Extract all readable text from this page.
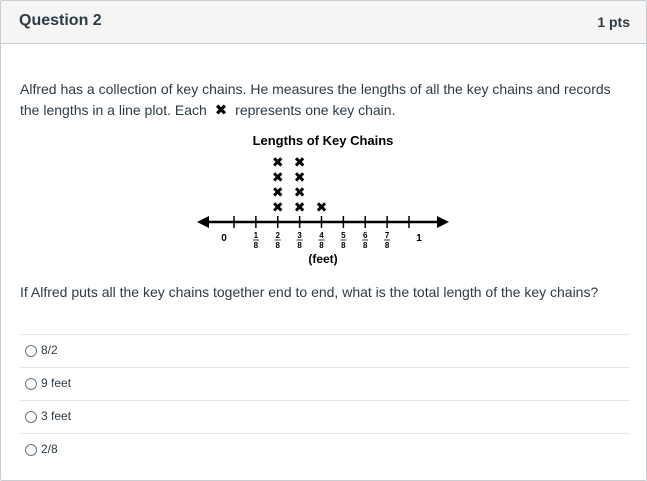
Question 2	1 pts
Alfred has a collection of key chains. He measures the lengths of all the key chains and records the lengths in a line plot. Each ✖ represents one key chain.
Lengths of Key Chains
0	1
8
2
8
3
8
4
8
5
8
6
8
7
8
1
✖
✖
✖
✖
✖
✖
✖
✖
✖
(feet)
If Alfred puts all the key chains together end to end, what is the total length of the key chains?
8/2
9 feet
3 feet
2/8
